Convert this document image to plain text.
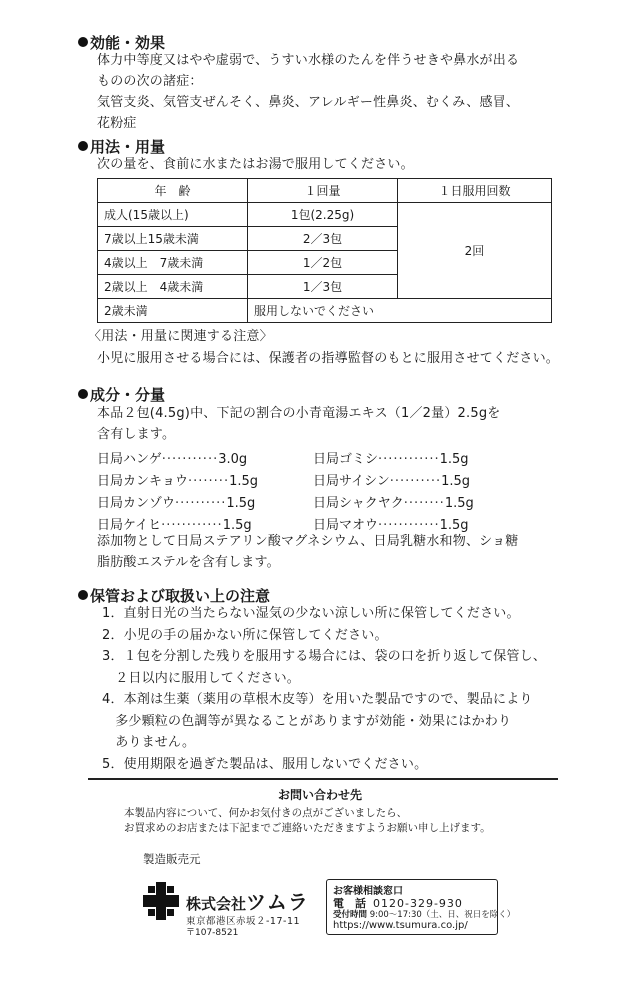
効能・効果
体力中等度又はやや虚弱で、うすい水様のたんを伴うせきや鼻水が出る
ものの次の諸症：
気管支炎、気管支ぜんそく、鼻炎、アレルギー性鼻炎、むくみ、感冒、
花粉症
用法・用量
次の量を、食前に水またはお湯で服用してください。
年　齢	１回量	１日服用回数
成人(15歳以上)	1包(2.25g)	2回
7歳以上15歳未満	2／3包	
4歳以上　7歳未満	1／2包	
2歳以上　4歳未満	1／3包	
2歳未満	服用しないでください	
〈用法・用量に関連する注意〉
小児に服用させる場合には、保護者の指導監督のもとに服用させてください。
成分・分量
本品２包(4.5g)中、下記の割合の小青竜湯エキス（1／2量）2.5gを
含有します。
日局ハンゲ···········3.0g	日局ゴミシ············1.5g
日局カンキョウ········1.5g	日局サイシン··········1.5g
日局カンゾウ··········1.5g	日局シャクヤク········1.5g
日局ケイヒ············1.5g	日局マオウ············1.5g
添加物として日局ステアリン酸マグネシウム、日局乳糖水和物、ショ糖
脂肪酸エステルを含有します。
保管および取扱い上の注意
1．直射日光の当たらない湿気の少ない涼しい所に保管してください。
2．小児の手の届かない所に保管してください。
3．１包を分割した残りを服用する場合には、袋の口を折り返して保管し、
　２日以内に服用してください。
4．本剤は生薬（薬用の草根木皮等）を用いた製品ですので、製品により
　多少顆粒の色調等が異なることがありますが効能・効果にはかわり
　ありません。
5．使用期限を過ぎた製品は、服用しないでください。
お問い合わせ先
本製品内容について、何かお気付きの点がございましたら、
お買求めのお店または下記までご連絡いただきますようお願い申し上げます。
製造販売元
株式会社ツムラ
東京都港区赤坂２-17-11
〒107-8521
お客様相談窓口
電　話 0120-329-930
受付時間 9:00〜17:30（土、日、祝日を除く）
https://www.tsumura.co.jp/
